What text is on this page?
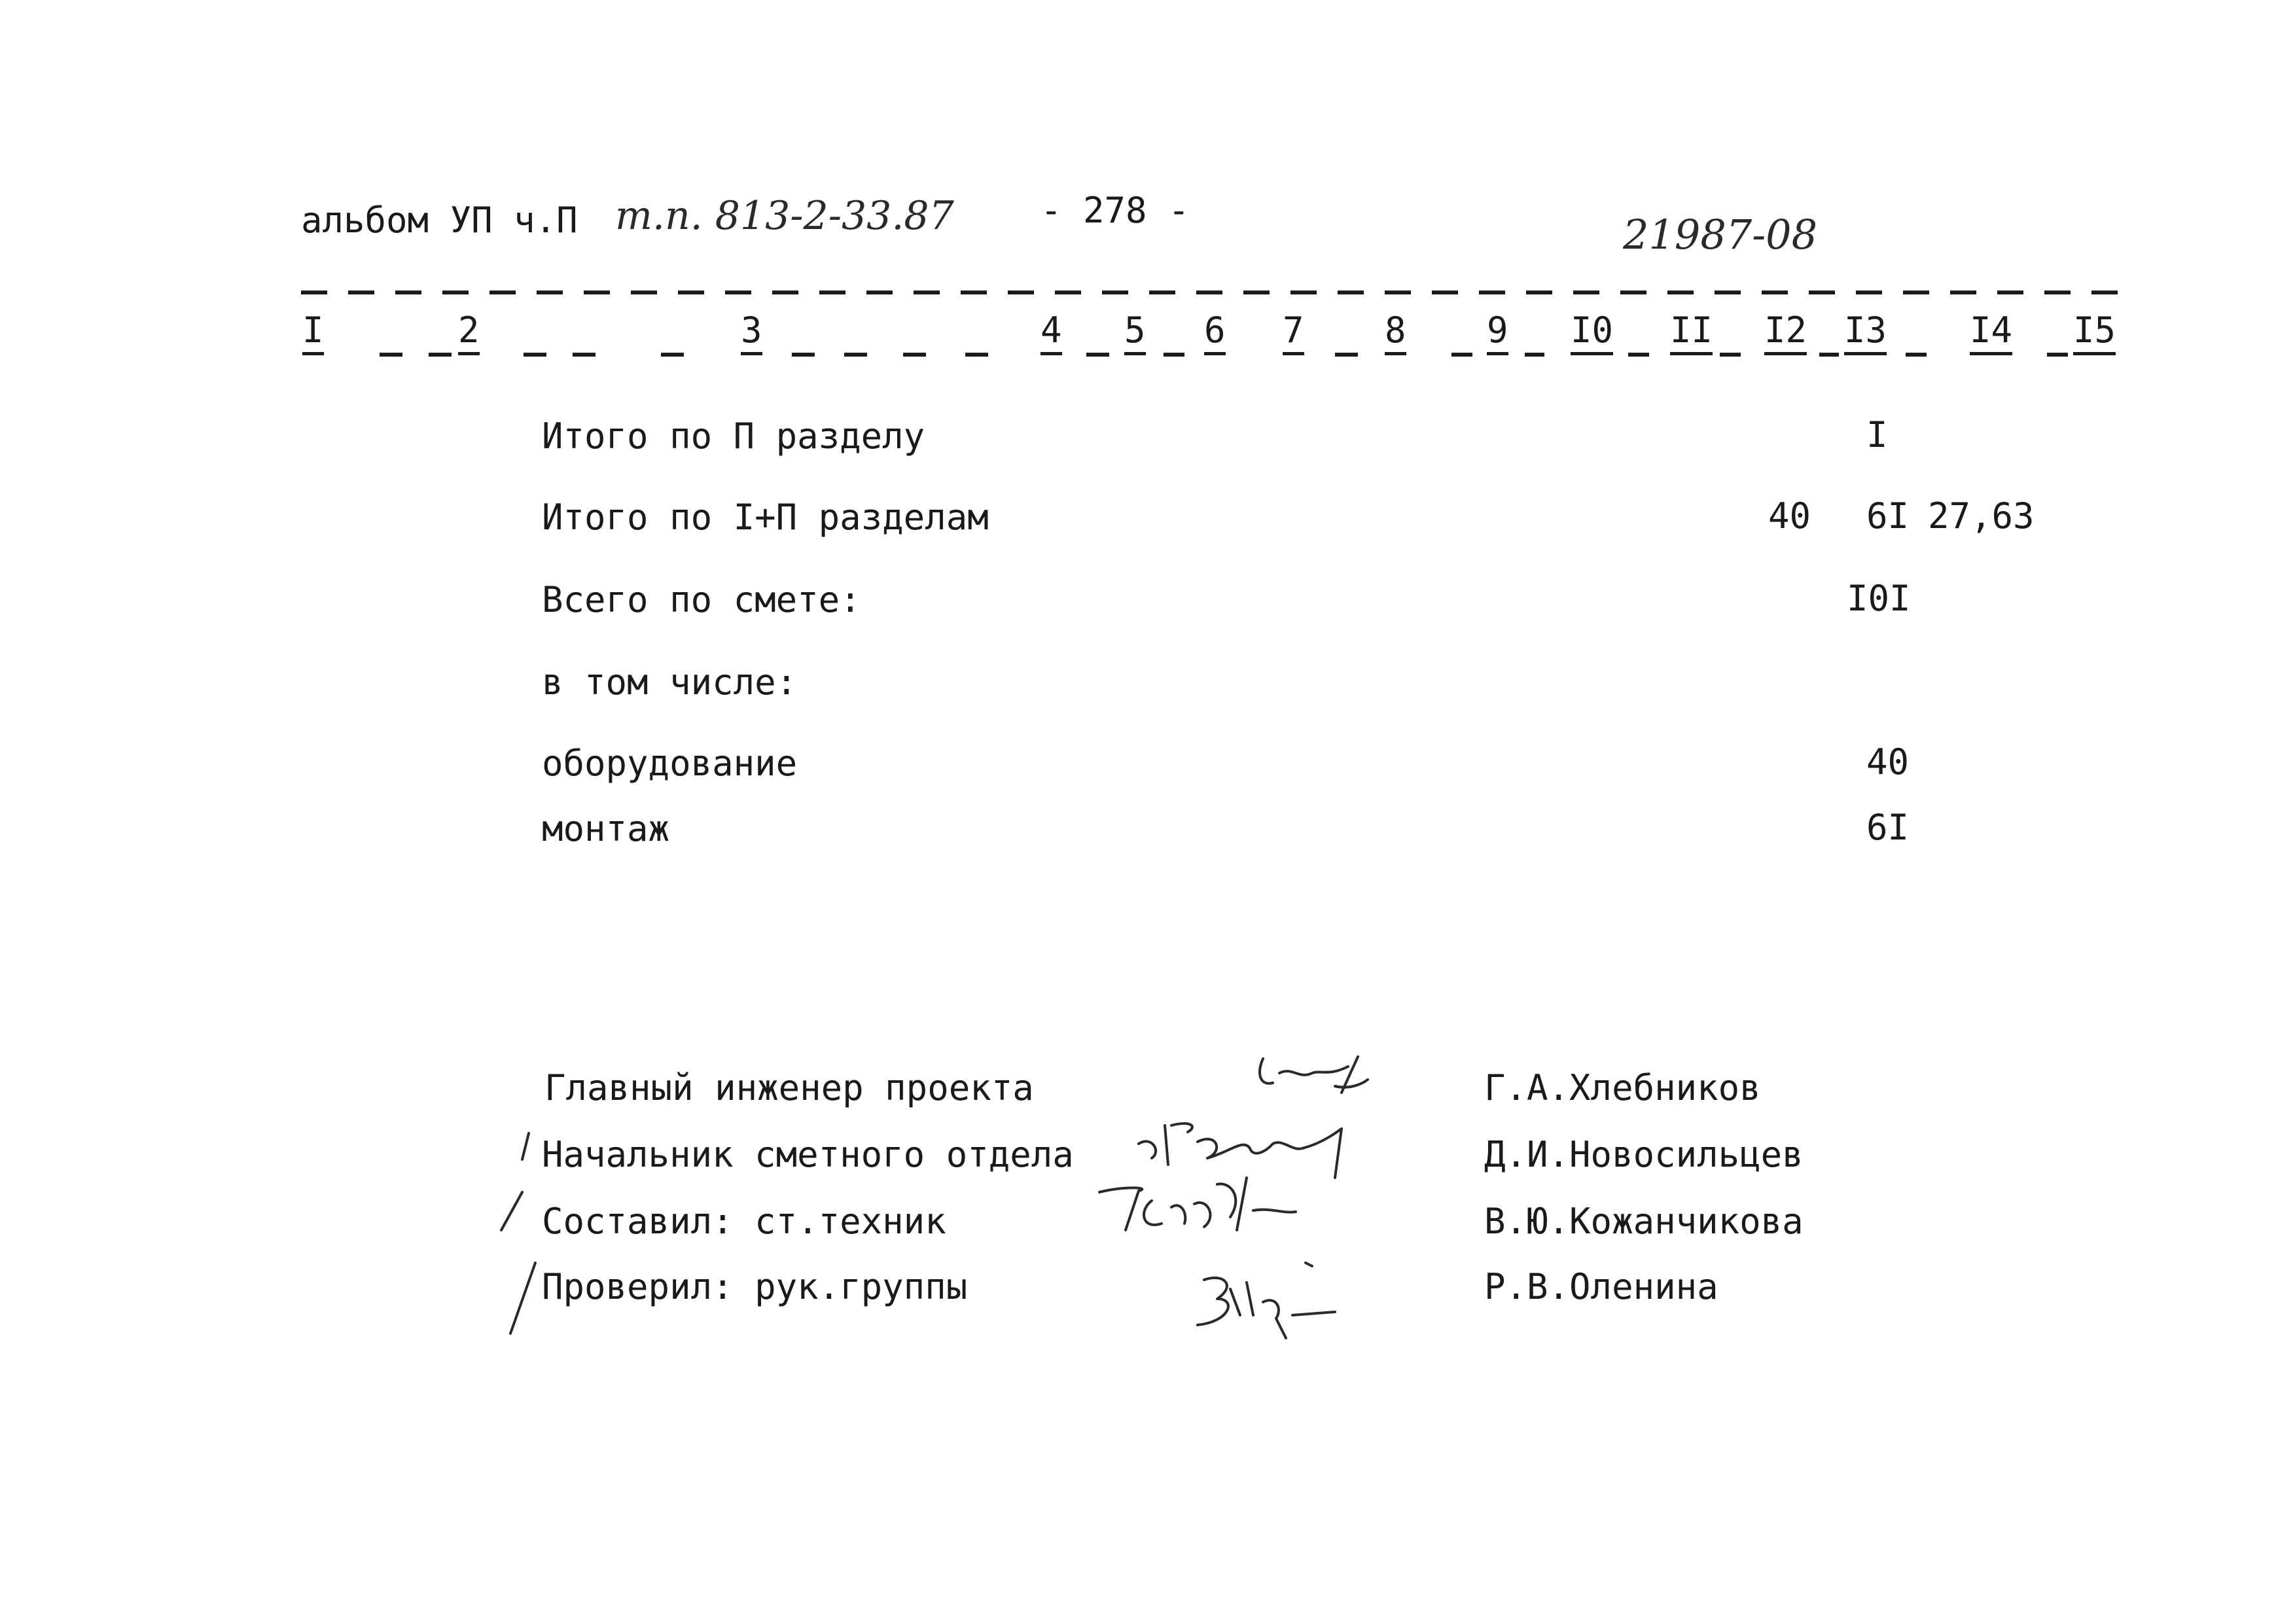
альбом УП ч.П т.п. 813-2-33.87 - 278 -
21987-08
I	2	3	4 5 6 7 8 9 I0 II I2 I3 I4 I5
Итого по П разделу	I
Итого по I+П разделам	40 6I 27,63
Всего по смете:	I0I
в том числе:
оборудование	40
монтаж	6I
Главный инженер проекта	Г.А.Хлебников
Начальник сметного отдела	Д.И.Новосильцев
Составил: ст.техник	В.Ю.Кожанчикова
Проверил: рук.группы	Р.В.Оленина
